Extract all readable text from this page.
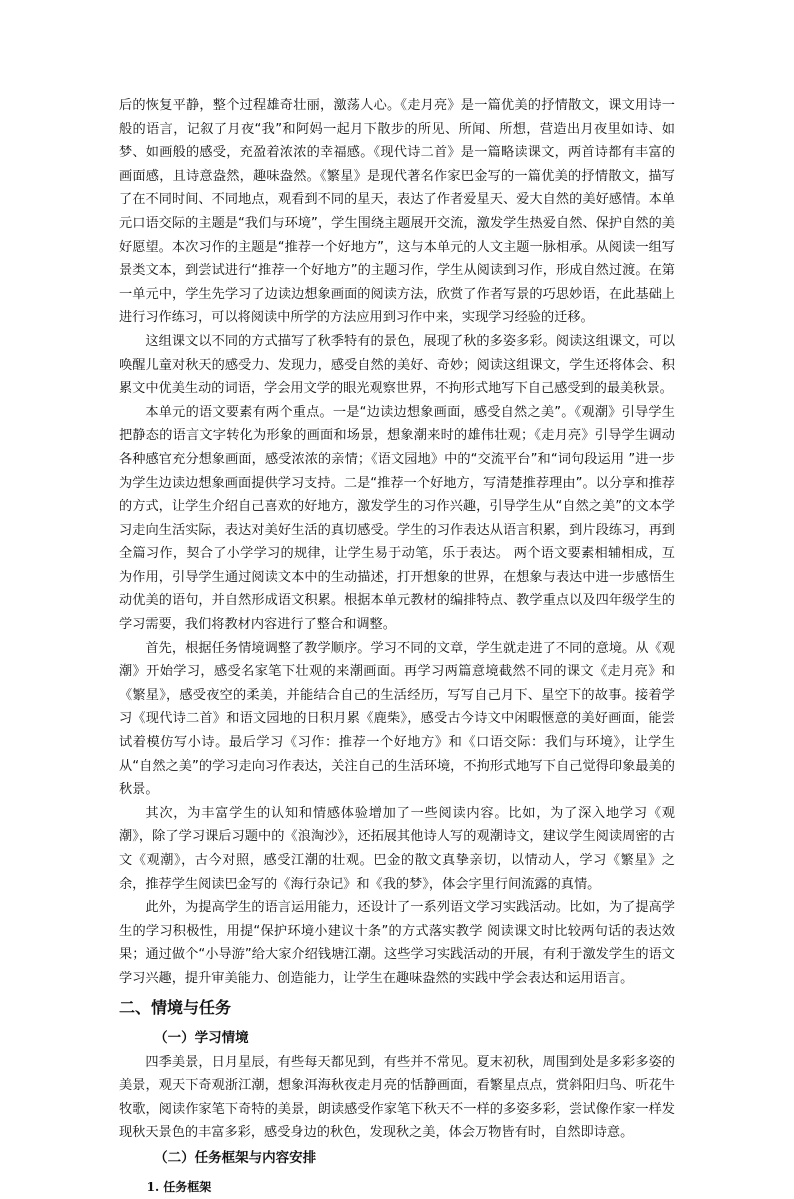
后的恢复平静，整个过程雄奇壮丽，激荡人心。《走月亮》是一篇优美的抒情散文，课文用诗一般的语言，记叙了月夜“我”和阿妈一起月下散步的所见、所闻、所想，营造出月夜里如诗、如梦、如画般的感受，充盈着浓浓的幸福感。《现代诗二首》是一篇略读课文，两首诗都有丰富的画面感，且诗意盎然，趣味盎然。《繁星》是现代著名作家巴金写的一篇优美的抒情散文，描写了在不同时间、不同地点，观看到不同的星天，表达了作者爱星天、爱大自然的美好感情。本单元口语交际的主题是“我们与环境”，学生围绕主题展开交流，激发学生热爱自然、保护自然的美好愿望。本次习作的主题是“推荐一个好地方”，这与本单元的人文主题一脉相承。从阅读一组写景类文本，到尝试进行“推荐一个好地方”的主题习作，学生从阅读到习作，形成自然过渡。在第一单元中，学生先学习了边读边想象画面的阅读方法，欣赏了作者写景的巧思妙语，在此基础上进行习作练习，可以将阅读中所学的方法应用到习作中来，实现学习经验的迁移。

这组课文以不同的方式描写了秋季特有的景色，展现了秋的多姿多彩。阅读这组课文，可以唤醒儿童对秋天的感受力、发现力，感受自然的美好、奇妙；阅读这组课文，学生还将体会、积累文中优美生动的词语，学会用文学的眼光观察世界，不拘形式地写下自己感受到的最美秋景。

本单元的语文要素有两个重点。一是“边读边想象画面，感受自然之美”。《观潮》引导学生把静态的语言文字转化为形象的画面和场景，想象潮来时的雄伟壮观；《走月亮》引导学生调动各种感官充分想象画面，感受浓浓的亲情；《语文园地》中的“交流平台”和“词句段运用 ”进一步为学生边读边想象画面提供学习支持。二是“推荐一个好地方，写清楚推荐理由”。以分享和推荐的方式，让学生介绍自己喜欢的好地方，激发学生的习作兴趣，引导学生从“自然之美”的文本学习走向生活实际，表达对美好生活的真切感受。学生的习作表达从语言积累，到片段练习，再到全篇习作，契合了小学学习的规律，让学生易于动笔，乐于表达。 两个语文要素相辅相成，互为作用，引导学生通过阅读文本中的生动描述，打开想象的世界，在想象与表达中进一步感悟生动优美的语句，并自然形成语文积累。根据本单元教材的编排特点、教学重点以及四年级学生的学习需要，我们将教材内容进行了整合和调整。

首先，根据任务情境调整了教学顺序。学习不同的文章，学生就走进了不同的意境。从《观潮》开始学习，感受名家笔下壮观的来潮画面。再学习两篇意境截然不同的课文《走月亮》和《繁星》，感受夜空的柔美，并能结合自己的生活经历，写写自己月下、星空下的故事。接着学习《现代诗二首》和语文园地的日积月累《鹿柴》，感受古今诗文中闲暇惬意的美好画面，能尝试着模仿写小诗。最后学习《习作：推荐一个好地方》和《口语交际：我们与环境》，让学生从“自然之美”的学习走向习作表达，关注自己的生活环境，不拘形式地写下自己觉得印象最美的秋景。

其次，为丰富学生的认知和情感体验增加了一些阅读内容。比如，为了深入地学习《观潮》，除了学习课后习题中的《浪淘沙》，还拓展其他诗人写的观潮诗文，建议学生阅读周密的古文《观潮》，古今对照，感受江潮的壮观。巴金的散文真挚亲切，以情动人，学习《繁星》之余，推荐学生阅读巴金写的《海行杂记》和《我的梦》，体会字里行间流露的真情。

此外，为提高学生的语言运用能力，还设计了一系列语文学习实践活动。比如，为了提高学生的学习积极性，用提“保护环境小建议十条”的方式落实教学 阅读课文时比较两句话的表达效果；通过做个“小导游”给大家介绍钱塘江潮。这些学习实践活动的开展，有利于激发学生的语文学习兴趣，提升审美能力、创造能力，让学生在趣味盎然的实践中学会表达和运用语言。

二、情境与任务
（一）学习情境

四季美景，日月星辰，有些每天都见到，有些并不常见。夏末初秋，周围到处是多彩多姿的美景，观天下奇观浙江潮，想象洱海秋夜走月亮的恬静画面，看繁星点点，赏斜阳归鸟、听花牛牧歌，阅读作家笔下奇特的美景，朗读感受作家笔下秋天不一样的多姿多彩，尝试像作家一样发现秋天景色的丰富多彩，感受身边的秋色，发现秋之美，体会万物皆有时，自然即诗意。

（二）任务框架与内容安排
1. 任务框架
